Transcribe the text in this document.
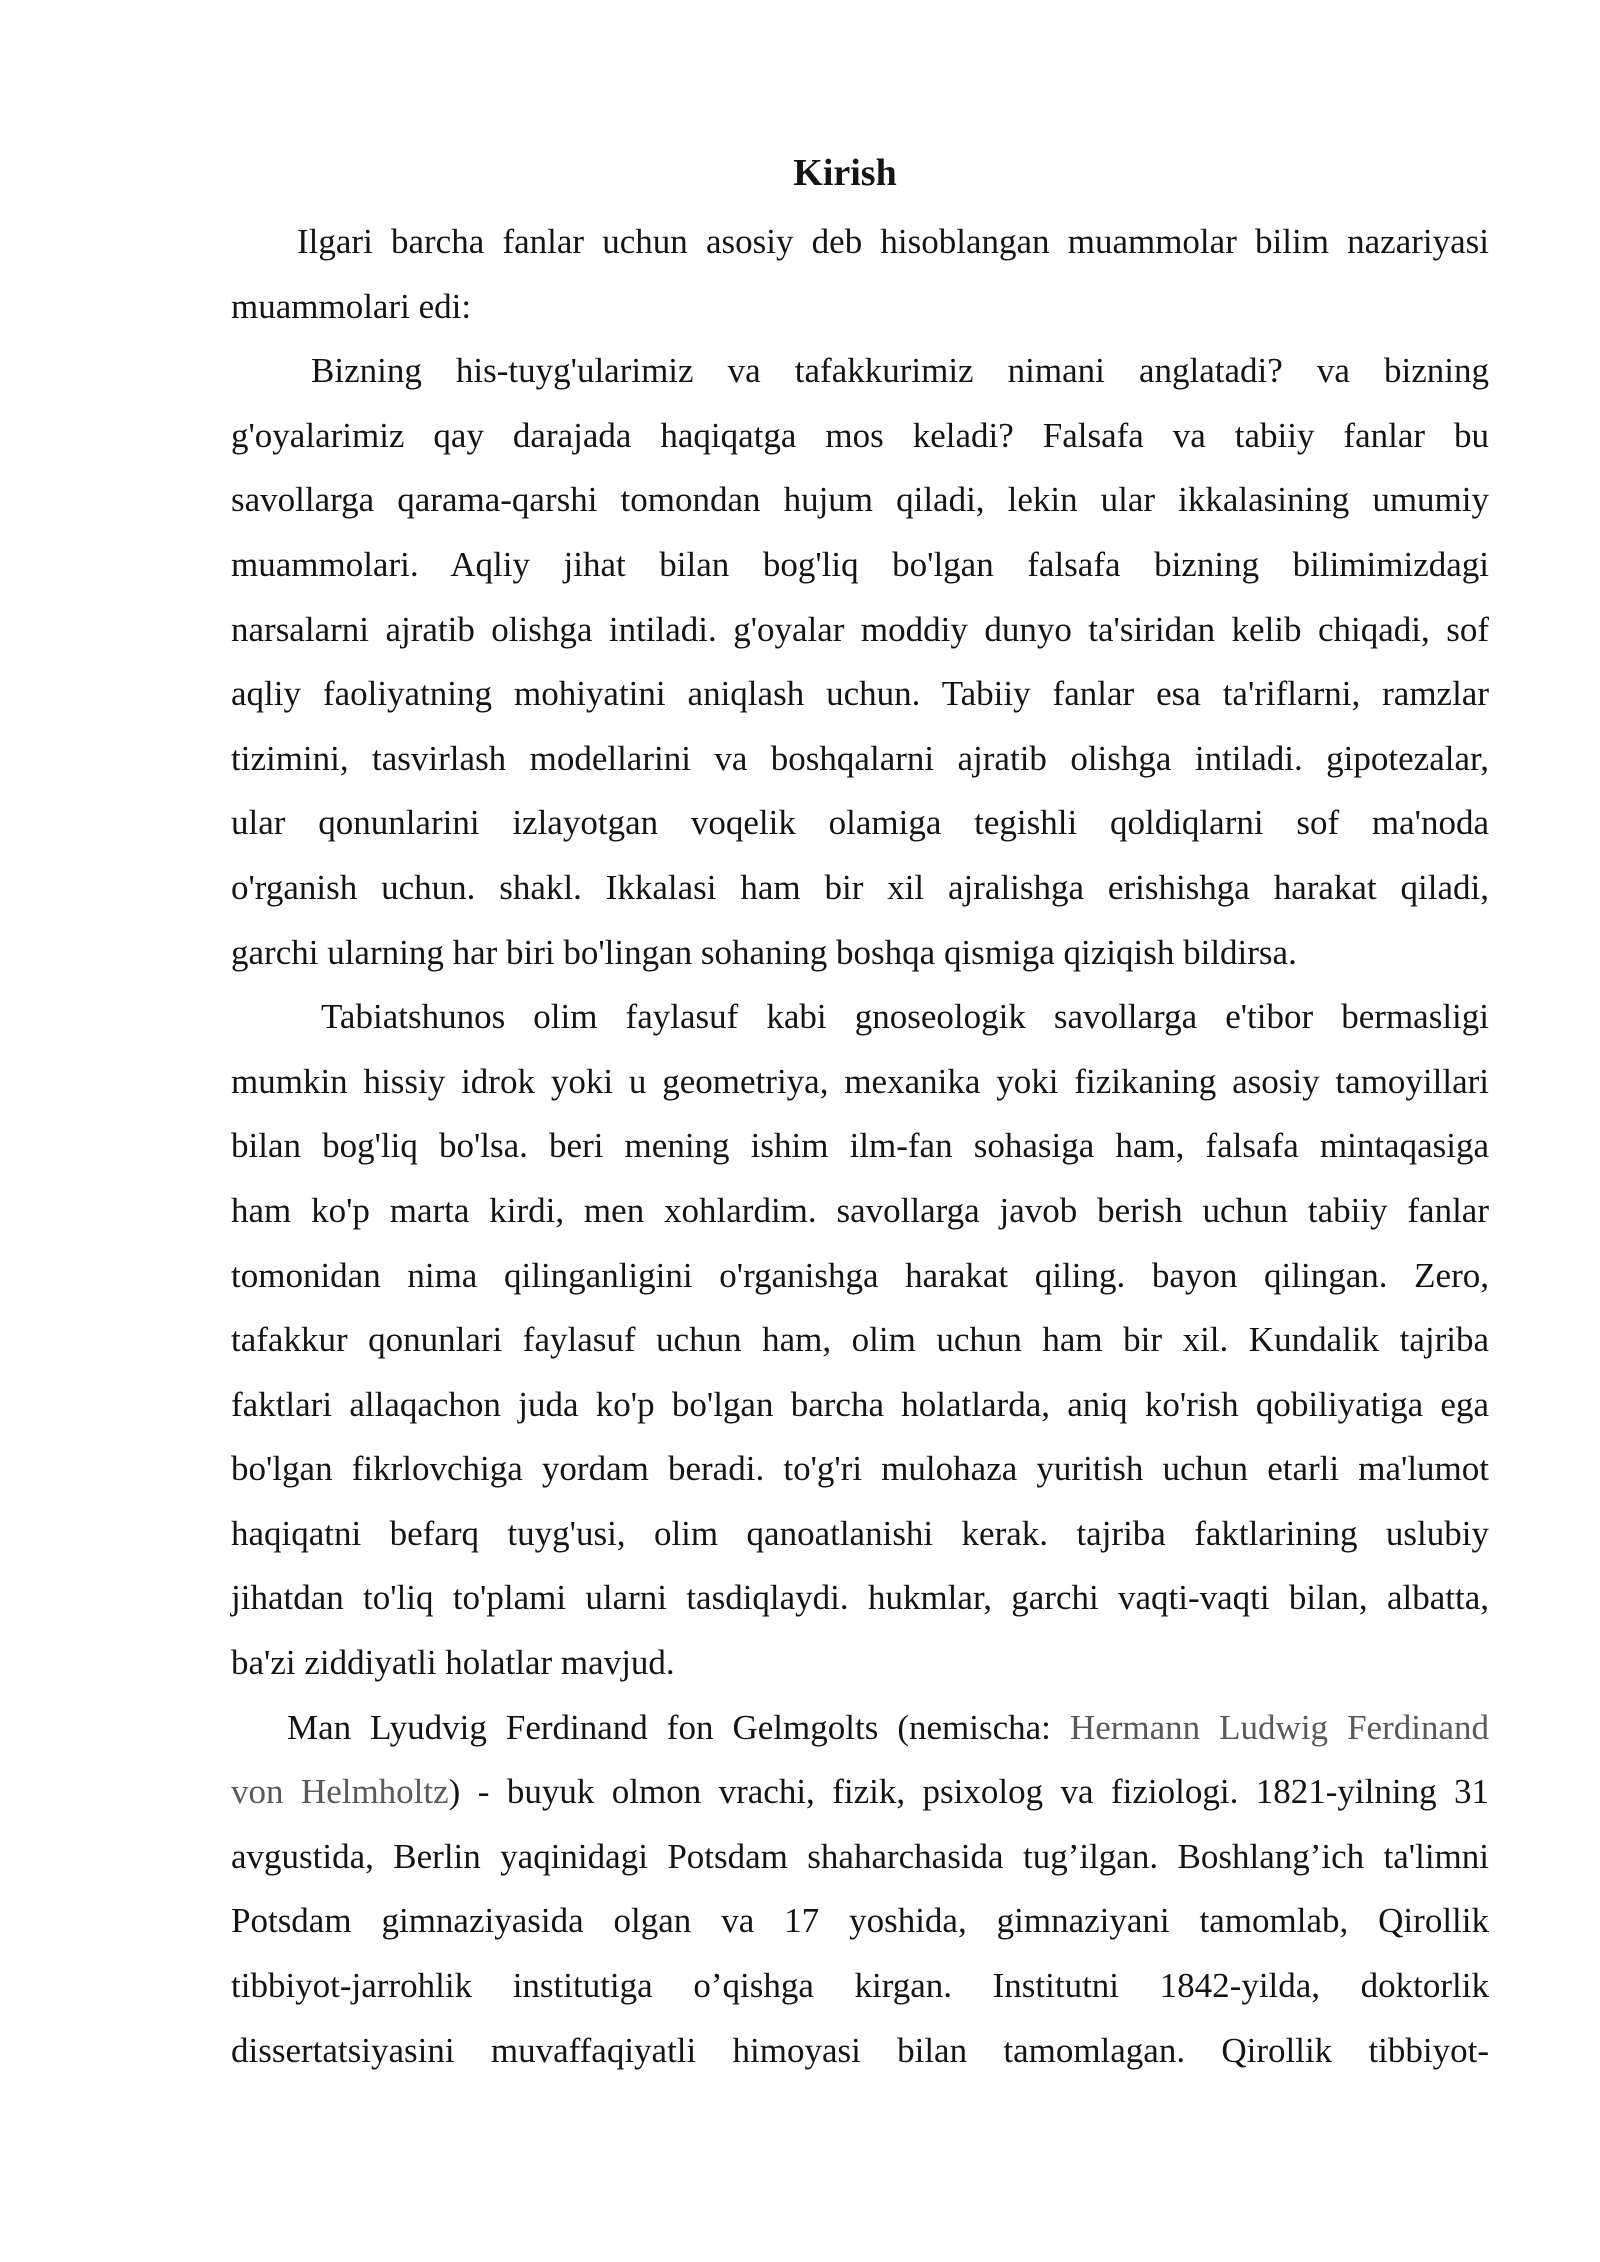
Kirish
Ilgari barcha fanlar uchun asosiy deb hisoblangan muammolar bilim nazariyasi
muammolari edi:
Bizning his-tuyg'ularimiz va tafakkurimiz nimani anglatadi? va bizning
g'oyalarimiz qay darajada haqiqatga mos keladi? Falsafa va tabiiy fanlar bu
savollarga qarama-qarshi tomondan hujum qiladi, lekin ular ikkalasining umumiy
muammolari. Aqliy jihat bilan bog'liq bo'lgan falsafa bizning bilimimizdagi
narsalarni ajratib olishga intiladi. g'oyalar moddiy dunyo ta'siridan kelib chiqadi, sof
aqliy faoliyatning mohiyatini aniqlash uchun. Tabiiy fanlar esa ta'riflarni, ramzlar
tizimini, tasvirlash modellarini va boshqalarni ajratib olishga intiladi. gipotezalar,
ular qonunlarini izlayotgan voqelik olamiga tegishli qoldiqlarni sof ma'noda
o'rganish uchun. shakl. Ikkalasi ham bir xil ajralishga erishishga harakat qiladi,
garchi ularning har biri bo'lingan sohaning boshqa qismiga qiziqish bildirsa.
Tabiatshunos olim faylasuf kabi gnoseologik savollarga e'tibor bermasligi
mumkin hissiy idrok yoki u geometriya, mexanika yoki fizikaning asosiy tamoyillari
bilan bog'liq bo'lsa. beri mening ishim ilm-fan sohasiga ham, falsafa mintaqasiga
ham ko'p marta kirdi, men xohlardim. savollarga javob berish uchun tabiiy fanlar
tomonidan nima qilinganligini o'rganishga harakat qiling. bayon qilingan. Zero,
tafakkur qonunlari faylasuf uchun ham, olim uchun ham bir xil. Kundalik tajriba
faktlari allaqachon juda ko'p bo'lgan barcha holatlarda, aniq ko'rish qobiliyatiga ega
bo'lgan fikrlovchiga yordam beradi. to'g'ri mulohaza yuritish uchun etarli ma'lumot
haqiqatni befarq tuyg'usi, olim qanoatlanishi kerak. tajriba faktlarining uslubiy
jihatdan to'liq to'plami ularni tasdiqlaydi. hukmlar, garchi vaqti-vaqti bilan, albatta,
ba'zi ziddiyatli holatlar mavjud.
Man Lyudvig Ferdinand fon Gelmgolts (nemischa: Hermann Ludwig Ferdinand
von Helmholtz) - buyuk olmon vrachi, fizik, psixolog va fiziologi. 1821-yilning 31
avgustida, Berlin yaqinidagi Potsdam shaharchasida tug’ilgan. Boshlang’ich ta'limni
Potsdam gimnaziyasida olgan va 17 yoshida, gimnaziyani tamomlab, Qirollik
tibbiyot-jarrohlik institutiga o’qishga kirgan. Institutni 1842-yilda, doktorlik
dissertatsiyasini muvaffaqiyatli himoyasi bilan tamomlagan. Qirollik tibbiyot-
